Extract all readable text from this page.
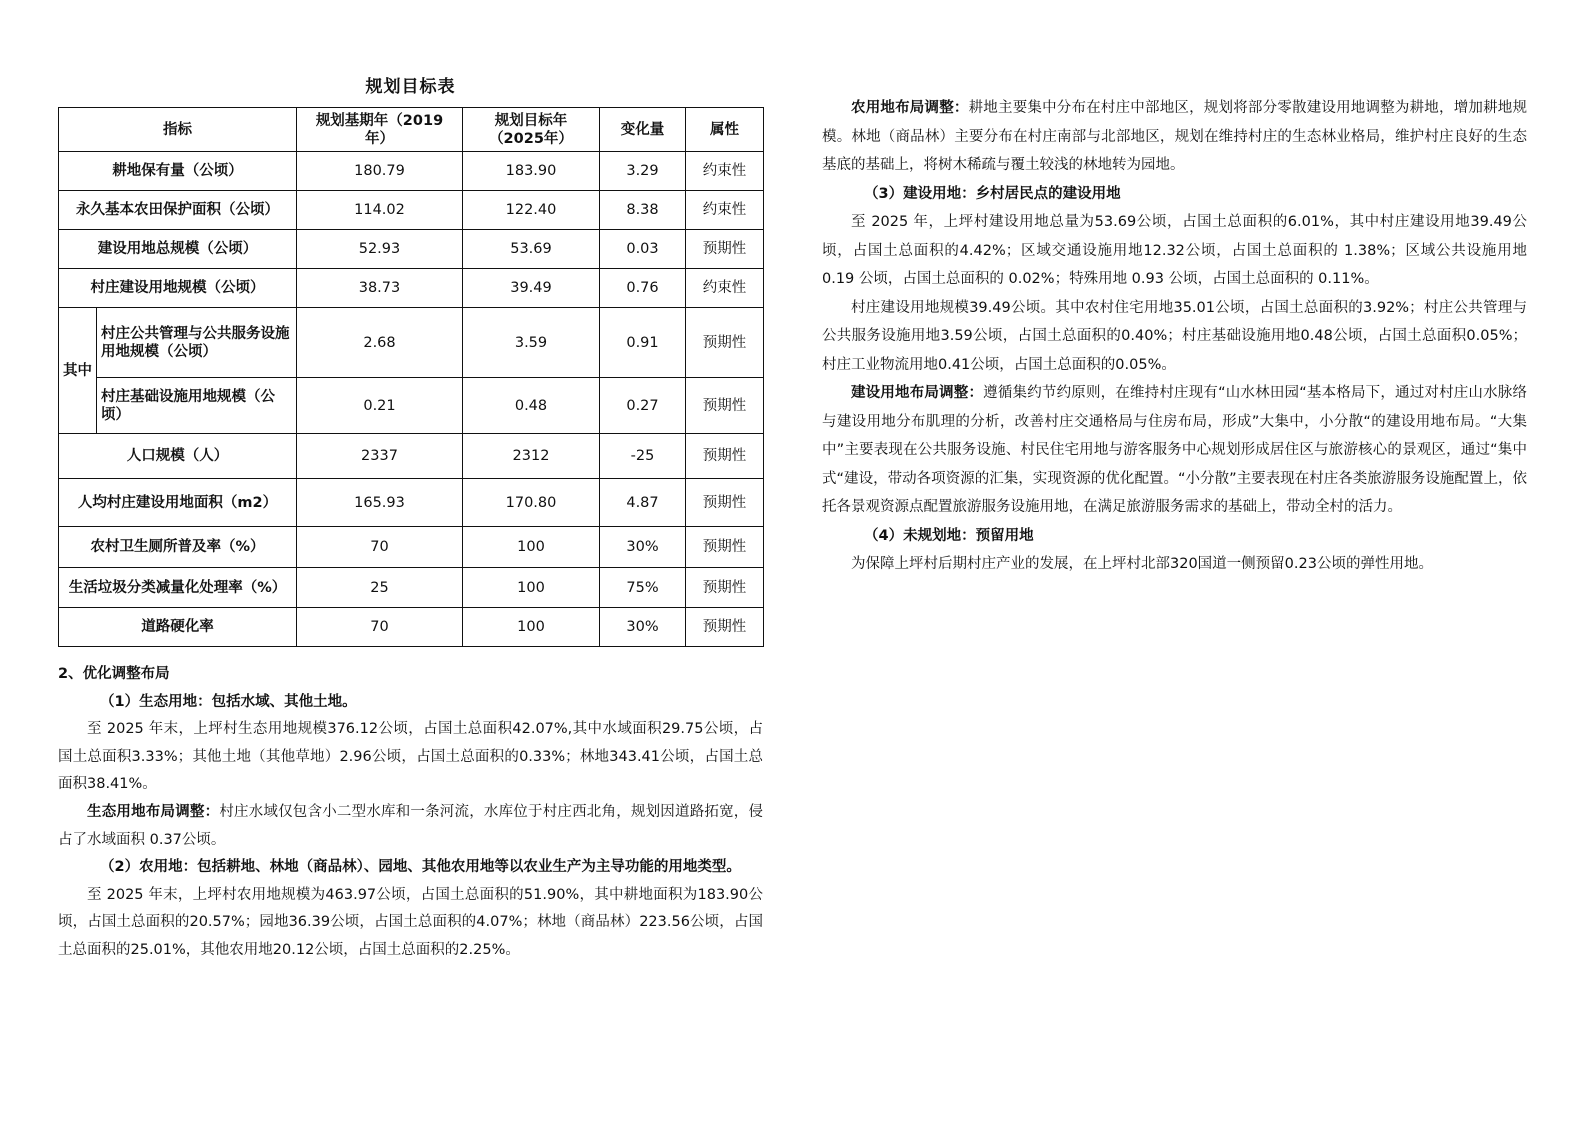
规划目标表
指标		规划基期年（2019年）	规划目标年（2025年）	变化量	属性
耕地保有量（公顷）		180.79	183.90	3.29	约束性
永久基本农田保护面积（公顷）		114.02	122.40	8.38	约束性
建设用地总规模（公顷）		52.93	53.69	0.03	预期性
村庄建设用地规模（公顷）		38.73	39.49	0.76	约束性
其中	村庄公共管理与公共服务设施用地规模（公顷）	2.68	3.59	0.91	预期性
	村庄基础设施用地规模（公顷）	0.21	0.48	0.27	预期性
人口规模（人）		2337	2312	-25	预期性
人均村庄建设用地面积（m2）		165.93	170.80	4.87	预期性
农村卫生厕所普及率（%）		70	100	30%	预期性
生活垃圾分类减量化处理率（%）		25	100	75%	预期性
道路硬化率		70	100	30%	预期性

2、优化调整布局

（1）生态用地：包括水域、其他土地。

至 2025 年末，上坪村生态用地规模376.12公顷，占国土总面积42.07%,其中水域面积29.75公顷，占国土总面积3.33%；其他土地（其他草地）2.96公顷，占国土总面积的0.33%；林地343.41公顷，占国土总面积38.41%。

生态用地布局调整：村庄水域仅包含小二型水库和一条河流，水库位于村庄西北角，规划因道路拓宽，侵占了水域面积 0.37公顷。

（2）农用地：包括耕地、林地（商品林）、园地、其他农用地等以农业生产为主导功能的用地类型。

至 2025 年末，上坪村农用地规模为463.97公顷，占国土总面积的51.90%，其中耕地面积为183.90公顷，占国土总面积的20.57%；园地36.39公顷，占国土总面积的4.07%；林地（商品林）223.56公顷，占国土总面积的25.01%，其他农用地20.12公顷，占国土总面积的2.25%。

农用地布局调整：耕地主要集中分布在村庄中部地区，规划将部分零散建设用地调整为耕地，增加耕地规模。林地（商品林）主要分布在村庄南部与北部地区，规划在维持村庄的生态林业格局，维护村庄良好的生态基底的基础上，将树木稀疏与覆土较浅的林地转为园地。

（3）建设用地：乡村居民点的建设用地

至 2025 年，上坪村建设用地总量为53.69公顷，占国土总面积的6.01%，其中村庄建设用地39.49公顷，占国土总面积的4.42%；区域交通设施用地12.32公顷，占国土总面积的 1.38%；区域公共设施用地 0.19 公顷，占国土总面积的 0.02%；特殊用地 0.93 公顷，占国土总面积的 0.11%。

村庄建设用地规模39.49公顷。其中农村住宅用地35.01公顷，占国土总面积的3.92%；村庄公共管理与公共服务设施用地3.59公顷，占国土总面积的0.40%；村庄基础设施用地0.48公顷，占国土总面积0.05%；村庄工业物流用地0.41公顷，占国土总面积的0.05%。

建设用地布局调整：遵循集约节约原则，在维持村庄现有“山水林田园“基本格局下，通过对村庄山水脉络与建设用地分布肌理的分析，改善村庄交通格局与住房布局，形成”大集中，小分散“的建设用地布局。“大集中”主要表现在公共服务设施、村民住宅用地与游客服务中心规划形成居住区与旅游核心的景观区，通过“集中式“建设，带动各项资源的汇集，实现资源的优化配置。“小分散”主要表现在村庄各类旅游服务设施配置上，依托各景观资源点配置旅游服务设施用地，在满足旅游服务需求的基础上，带动全村的活力。

（4）未规划地：预留用地

为保障上坪村后期村庄产业的发展，在上坪村北部320国道一侧预留0.23公顷的弹性用地。
